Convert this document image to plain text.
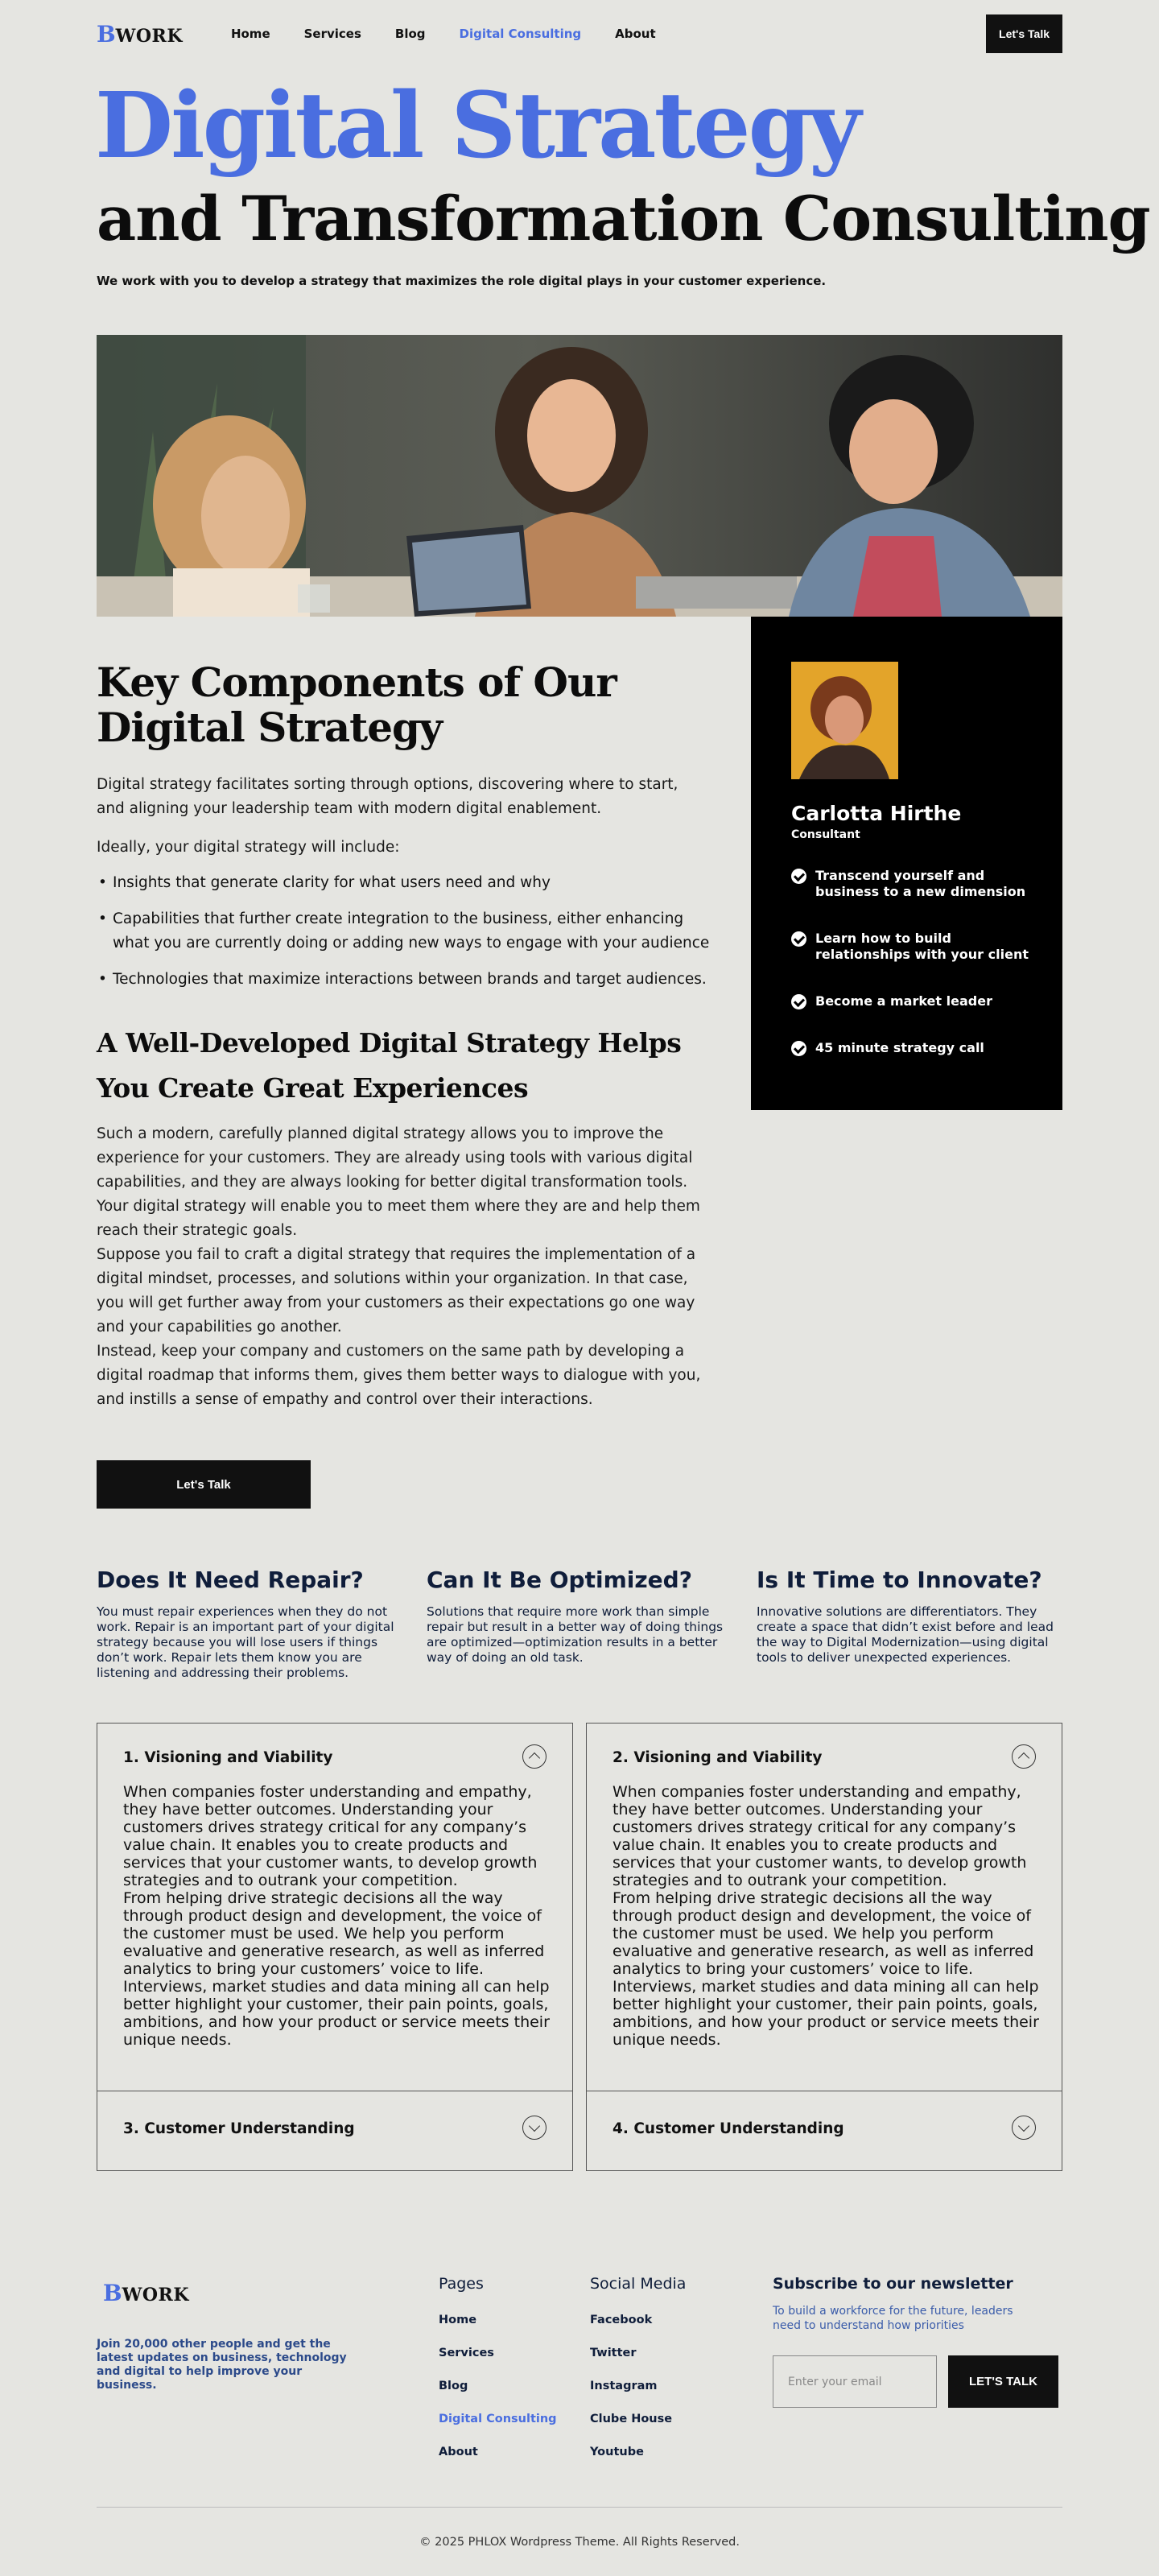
B WORK	Home	Services	Blog	Digital Consulting	About	Let's Talk
Digital Strategy
and Transformation Consulting
We work with you to develop a strategy that maximizes the role digital plays in your customer experience.
Key Components of Our Digital Strategy
Digital strategy facilitates sorting through options, discovering where to start, and aligning your leadership team with modern digital enablement.
Ideally, your digital strategy will include:
• Insights that generate clarity for what users need and why
• Capabilities that further create integration to the business, either enhancing what you are currently doing or adding new ways to engage with your audience
• Technologies that maximize interactions between brands and target audiences.
A Well-Developed Digital Strategy Helps You Create Great Experiences

Such a modern, carefully planned digital strategy allows you to improve the experience for your customers. They are already using tools with various digital capabilities, and they are always looking for better digital transformation tools. Your digital strategy will enable you to meet them where they are and help them reach their strategic goals.

Suppose you fail to craft a digital strategy that requires the implementation of a digital mindset, processes, and solutions within your organization. In that case, you will get further away from your customers as their expectations go one way and your capabilities go another.

Instead, keep your company and customers on the same path by developing a digital roadmap that informs them, gives them better ways to dialogue with you, and instills a sense of empathy and control over their interactions.

Let's Talk
Carlotta Hirthe
Consultant
Transcend yourself and business to a new dimension
Learn how to build relationships with your client
Become a market leader
45 minute strategy call
Does It Need Repair?

You must repair experiences when they do not work. Repair is an important part of your digital strategy because you will lose users if things don’t work. Repair lets them know you are listening and addressing their problems.

Can It Be Optimized?

Solutions that require more work than simple repair but result in a better way of doing things are optimized—optimization results in a better way of doing an old task.

Is It Time to Innovate?

Innovative solutions are differentiators. They create a space that didn’t exist before and lead the way to Digital Modernization—using digital tools to deliver unexpected experiences.

1. Visioning and Viability
When companies foster understanding and empathy, they have better outcomes. Understanding your customers drives strategy critical for any company’s value chain. It enables you to create products and services that your customer wants, to develop growth strategies and to outrank your competition.
From helping drive strategic decisions all the way through product design and development, the voice of the customer must be used. We help you perform evaluative and generative research, as well as inferred analytics to bring your customers’ voice to life.
Interviews, market studies and data mining all can help better highlight your customer, their pain points, goals, ambitions, and how your product or service meets their unique needs.
2. Visioning and Viability
When companies foster understanding and empathy, they have better outcomes. Understanding your customers drives strategy critical for any company’s value chain. It enables you to create products and services that your customer wants, to develop growth strategies and to outrank your competition.
From helping drive strategic decisions all the way through product design and development, the voice of the customer must be used. We help you perform evaluative and generative research, as well as inferred analytics to bring your customers’ voice to life.
Interviews, market studies and data mining all can help better highlight your customer, their pain points, goals, ambitions, and how your product or service meets their unique needs.
3. Customer Understanding	4. Customer Understanding
B WORK
Join 20,000 other people and get the latest updates on business, technology and digital to help improve your business.
Pages
Home
Services
Blog
Digital Consulting
About
Social Media
Facebook
Twitter
Instagram
Clube House
Youtube
Subscribe to our newsletter
To build a workforce for the future, leaders need to understand how priorities
Enter your email
LET'S TALK
© 2025 PHLOX Wordpress Theme. All Rights Reserved.
